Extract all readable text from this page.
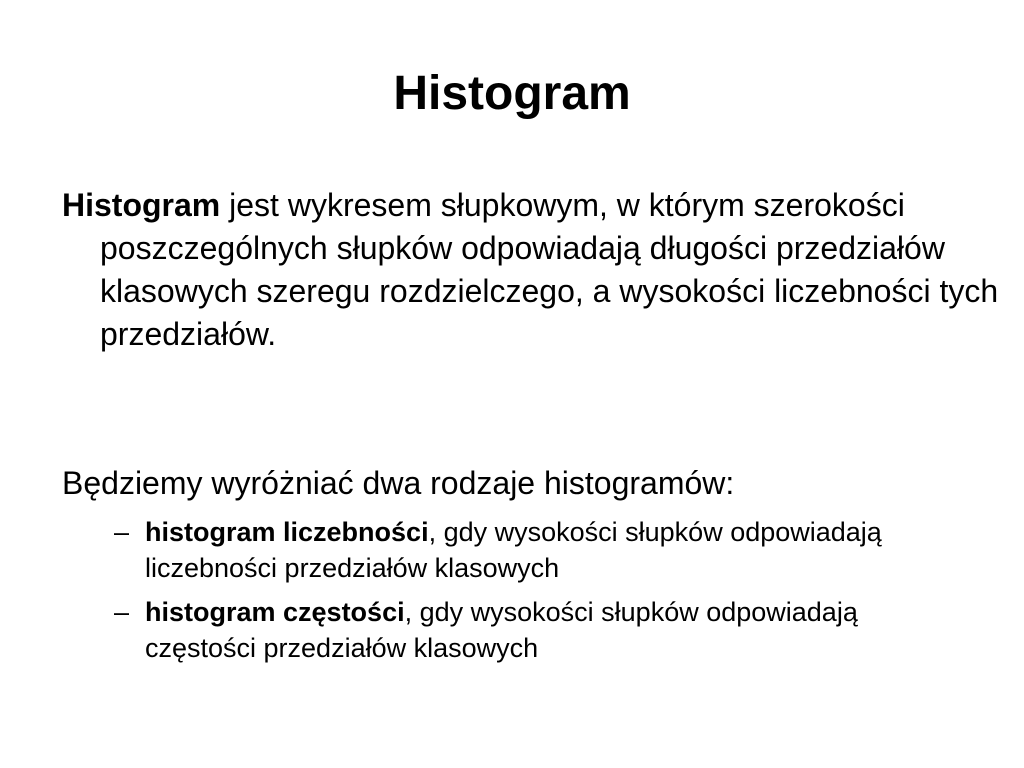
Histogram
Histogram jest wykresem słupkowym, w którym szerokości poszczególnych słupków odpowiadają długości przedziałów klasowych szeregu rozdzielczego, a wysokości liczebności tych przedziałów.
Będziemy wyróżniać dwa rodzaje histogramów:
– histogram liczebności, gdy wysokości słupków odpowiadają liczebności przedziałów klasowych
– histogram częstości, gdy wysokości słupków odpowiadają częstości przedziałów klasowych
